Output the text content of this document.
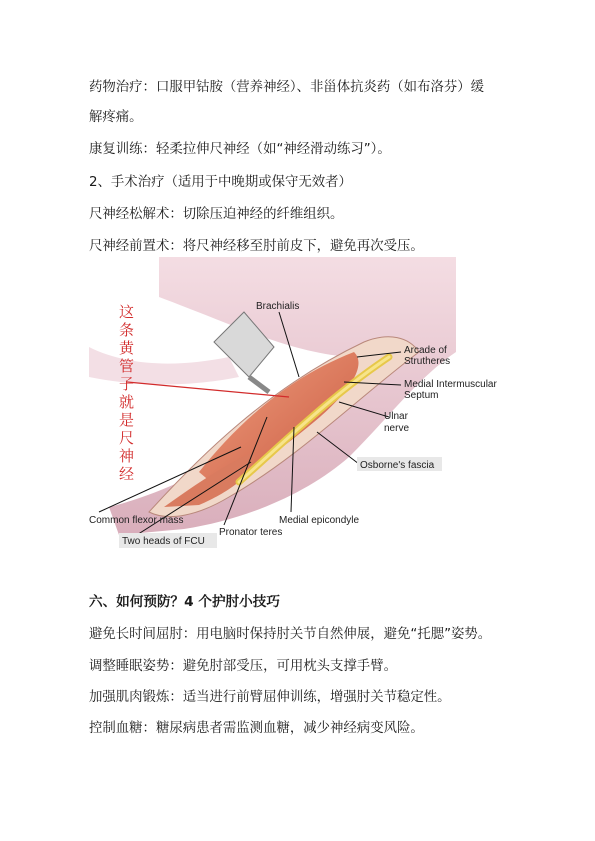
药物治疗：口服甲钴胺（营养神经）、非甾体抗炎药（如布洛芬）缓
解疼痛。
康复训练：轻柔拉伸尺神经（如“神经滑动练习”）。
2、手术治疗（适用于中晚期或保守无效者）
尺神经松解术：切除压迫神经的纤维组织。
尺神经前置术：将尺神经移至肘前皮下，避免再次受压。
Brachialis
Arcade of
Strutheres
Medial Intermuscular
Septum
Ulnar
nerve
Osborne's fascia
Common flexor mass
Two heads of FCU
Pronator teres
Medial epicondyle
这
条
黄
管
子
就
是
尺
神
经
六、如何预防？4 个护肘小技巧
避免长时间屈肘：用电脑时保持肘关节自然伸展，避免“托腮”姿势。
调整睡眠姿势：避免肘部受压，可用枕头支撑手臂。
加强肌肉锻炼：适当进行前臂屈伸训练，增强肘关节稳定性。
控制血糖：糖尿病患者需监测血糖，减少神经病变风险。
